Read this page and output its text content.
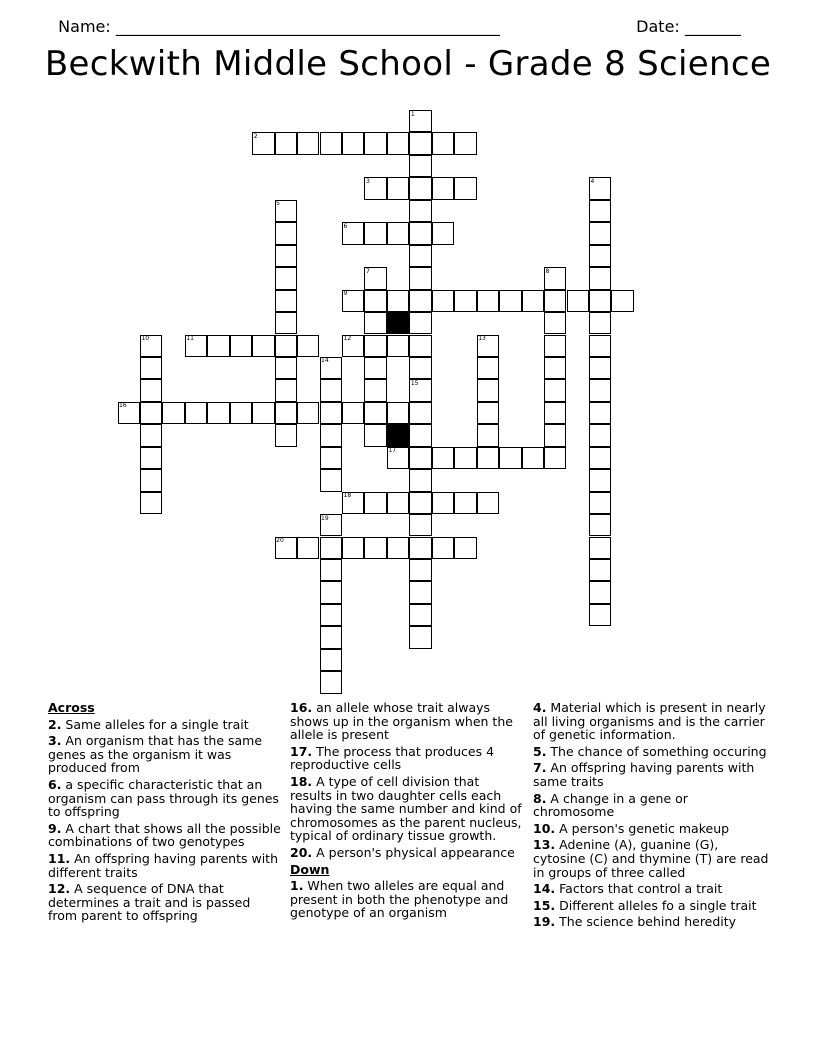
Name: ________________________________________________	Date: _______

Beckwith Middle School - Grade 8 Science
1
2
3	4
5
6
7	8
9
10	11	12	13
14
15
16
17
18
19
20
Across
2. Same alleles for a single trait
3. An organism that has the same genes as the organism it was produced from
6. a specific characteristic that an organism can pass through its genes to offspring
9. A chart that shows all the possible combinations of two genotypes
11. An offspring having parents with different traits
12. A sequence of DNA that determines a trait and is passed from parent to offspring
16. an allele whose trait always shows up in the organism when the allele is present
17. The process that produces 4 reproductive cells
18. A type of cell division that results in two daughter cells each having the same number and kind of chromosomes as the parent nucleus, typical of ordinary tissue growth.
20. A person's physical appearance
Down
1. When two alleles are equal and present in both the phenotype and genotype of an organism
4. Material which is present in nearly all living organisms and is the carrier of genetic information.
5. The chance of something occuring
7. An offspring having parents with same traits
8. A change in a gene or chromosome
10. A person's genetic makeup
13. Adenine (A), guanine (G), cytosine (C) and thymine (T) are read in groups of three called
14. Factors that control a trait
15. Different alleles fo a single trait
19. The science behind heredity
